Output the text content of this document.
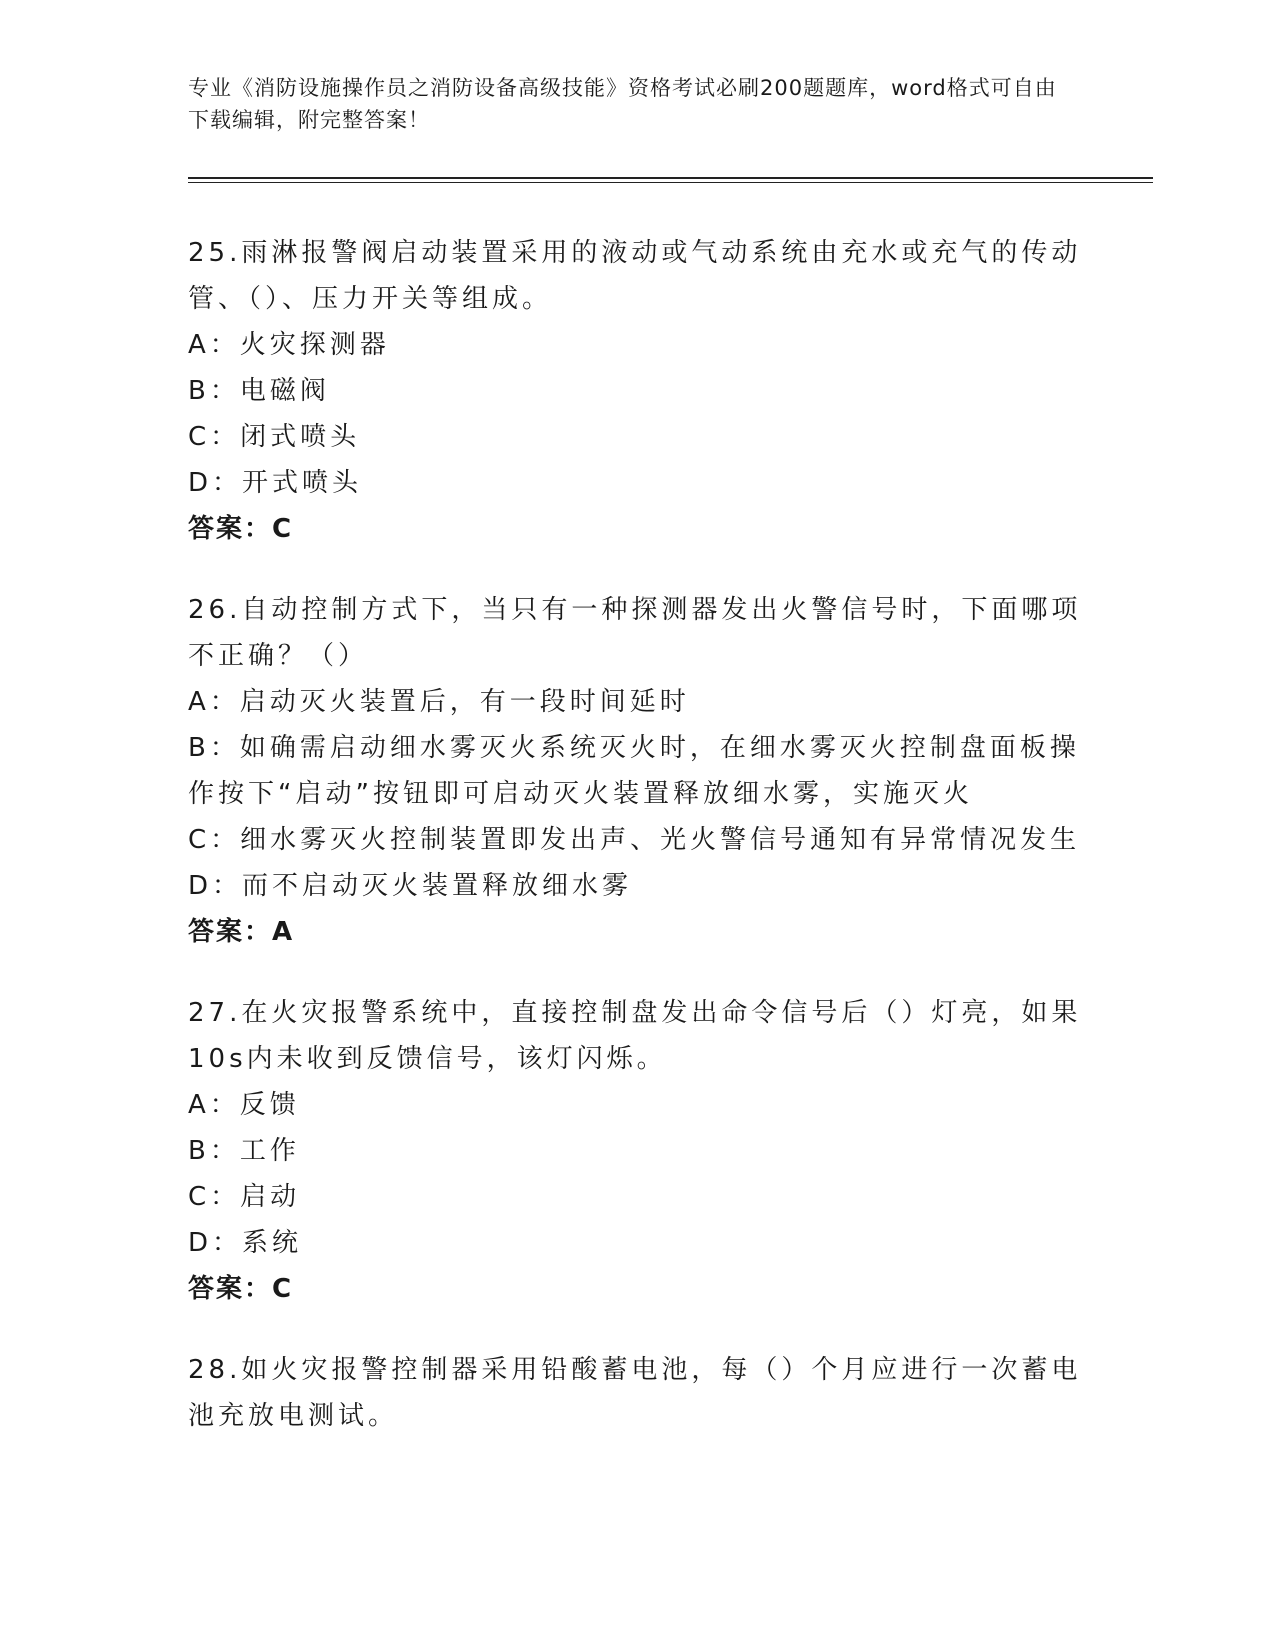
专业《消防设施操作员之消防设备高级技能》资格考试必刷200题题库，word格式可自由下载编辑，附完整答案！
25.雨淋报警阀启动装置采用的液动或气动系统由充水或充气的传动管、（）、压力开关等组成。
A：火灾探测器
B：电磁阀
C：闭式喷头
D：开式喷头
答案：C
26.自动控制方式下，当只有一种探测器发出火警信号时，下面哪项不正确？（）
A：启动灭火装置后，有一段时间延时
B：如确需启动细水雾灭火系统灭火时，在细水雾灭火控制盘面板操作按下“启动”按钮即可启动灭火装置释放细水雾，实施灭火
C：细水雾灭火控制装置即发出声、光火警信号通知有异常情况发生
D：而不启动灭火装置释放细水雾
答案：A
27.在火灾报警系统中，直接控制盘发出命令信号后（）灯亮，如果10s内未收到反馈信号，该灯闪烁。
A：反馈
B：工作
C：启动
D：系统
答案：C
28.如火灾报警控制器采用铅酸蓄电池，每（）个月应进行一次蓄电池充放电测试。
